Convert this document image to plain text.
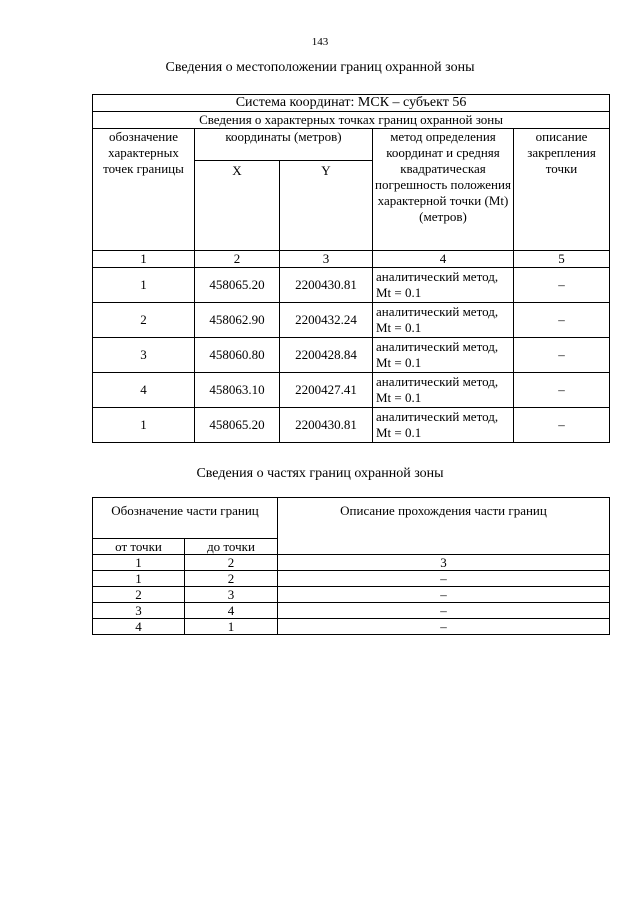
143
Сведения о местоположении границ охранной зоны
Система координат: МСК – субъект 56				
Сведения о характерных точках границ охранной зоны				
обозначение характерных точек границы	координаты (метров)		метод определения координат и средняя квадратическая погрешность положения характерной точки (Mt) (метров)	описание закрепления точки
	X	Y		
1	2	3	4	5
1	458065.20	2200430.81	аналитический метод, Mt = 0.1	–
2	458062.90	2200432.24	аналитический метод, Mt = 0.1	–
3	458060.80	2200428.84	аналитический метод, Mt = 0.1	–
4	458063.10	2200427.41	аналитический метод, Mt = 0.1	–
1	458065.20	2200430.81	аналитический метод, Mt = 0.1	–
Сведения о частях границ охранной зоны
Обозначение части границ		Описание прохождения части границ
от точки	до точки	
1	2	3
1	2	–
2	3	–
3	4	–
4	1	–
